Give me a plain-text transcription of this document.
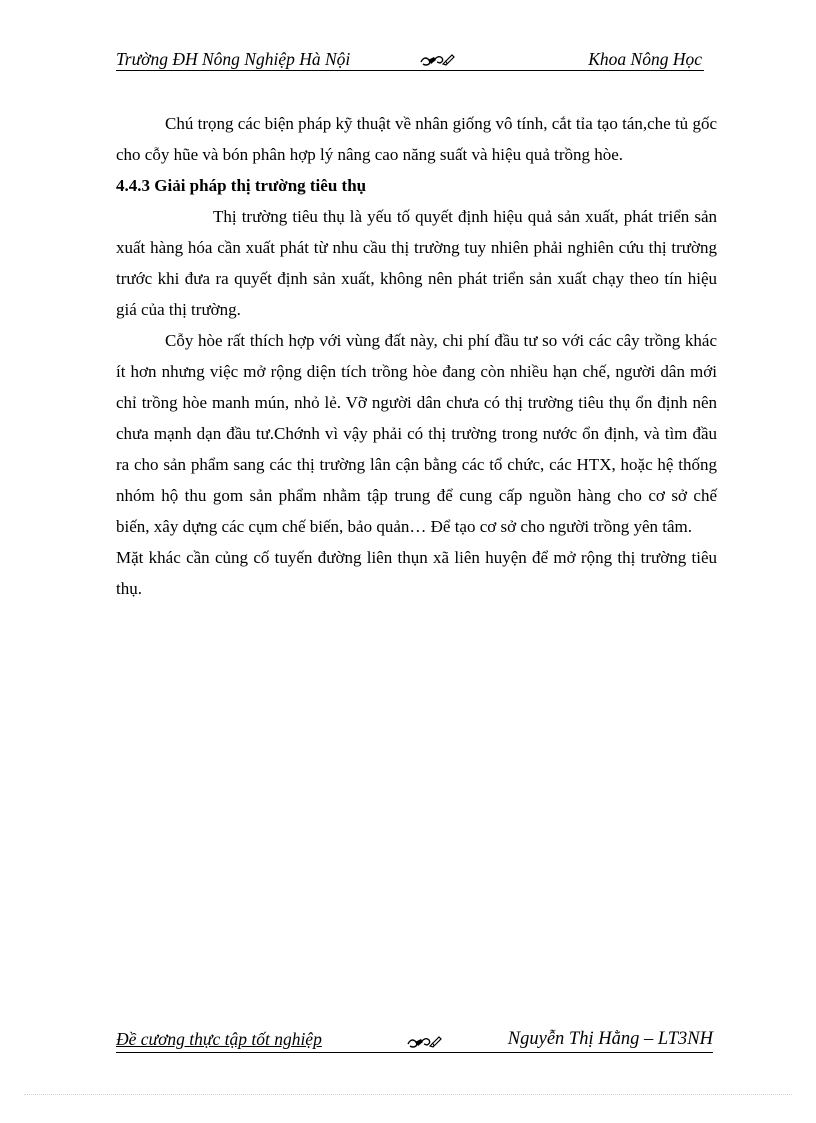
Trường ĐH Nông Nghiệp Hà Nội	Khoa Nông Học

Chú trọng các biện pháp kỹ thuật về nhân giống vô tính, cắt tỉa tạo tán,che tủ gốc cho cỗy hũe và bón phân hợp lý nâng cao năng suất và hiệu quả trồng hòe.

4.4.3 Giải pháp thị trường tiêu thụ

Thị trường tiêu thụ là yếu tố quyết định hiệu quả sản xuất, phát triển sản xuất hàng hóa cần xuất phát từ nhu cầu thị trường tuy nhiên phải nghiên cứu thị trường trước khi đưa ra quyết định sản xuất, không nên phát triển sản xuất chạy theo tín hiệu giá của thị trường.

Cỗy hòe rất thích hợp với vùng đất này, chi phí đầu tư so với các cây trồng khác ít hơn nhưng việc mở rộng diện tích trồng hòe đang còn nhiều hạn chế, người dân mới chỉ trồng hòe manh mún, nhỏ lẻ. Vỡ người dân chưa có thị trường tiêu thụ ổn định nên chưa mạnh dạn đầu tư.Chớnh vì vậy phải có thị trường trong nước ổn định, và tìm đầu ra cho sản phẩm sang các thị trường lân cận bằng các tổ chức, các HTX, hoặc hệ thống nhóm hộ thu gom sản phẩm nhằm tập trung để cung cấp nguồn hàng cho cơ sở chế biến, xây dựng các cụm chế biến, bảo quản… Để tạo cơ sở cho người trồng yên tâm.

Mặt khác cần củng cố tuyến đường liên thụn xã liên huyện để mở rộng thị trường tiêu thụ.

Đề cương thực tập tốt nghiệp	Nguyễn Thị Hằng – LT3NH
